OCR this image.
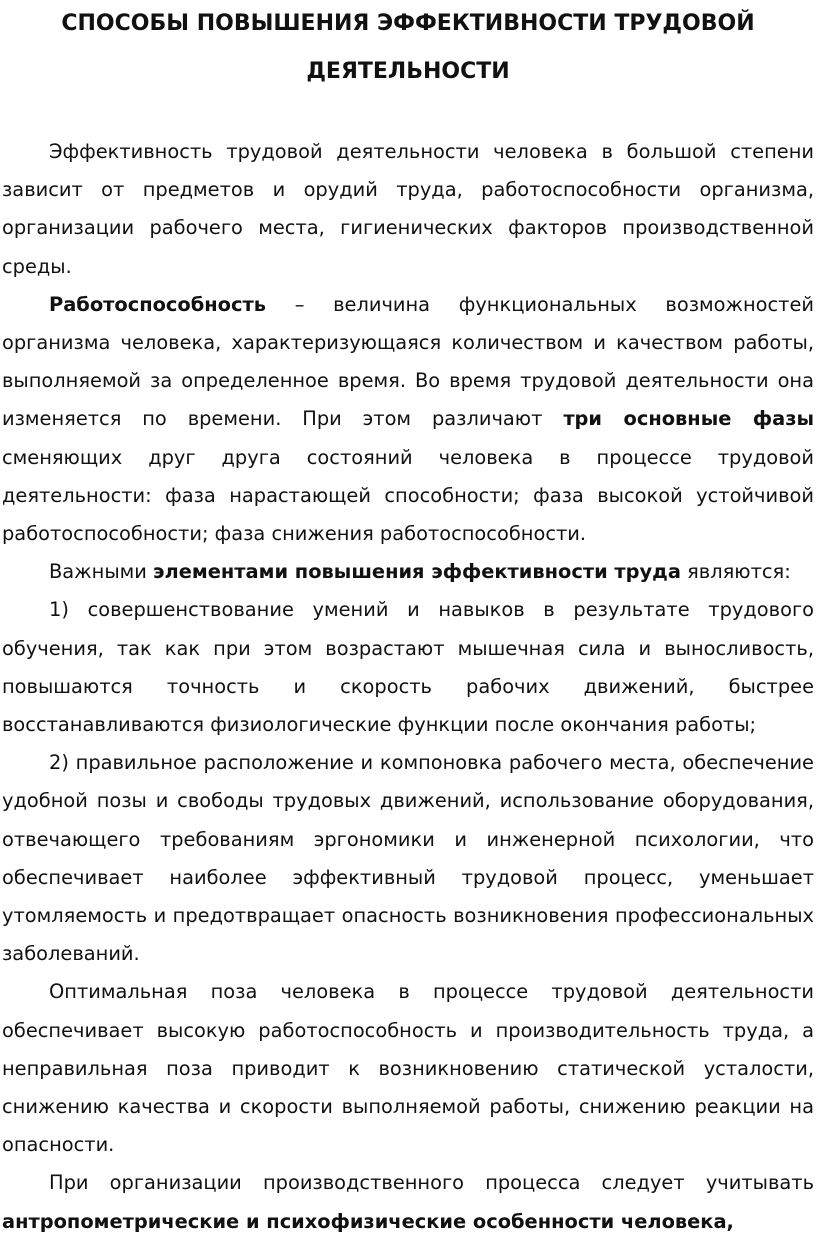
СПОСОБЫ ПОВЫШЕНИЯ ЭФФЕКТИВНОСТИ ТРУДОВОЙ
ДЕЯТЕЛЬНОСТИ

Эффективность трудовой деятельности человека в большой степени зависит от предметов и орудий труда, работоспособности организма, организации рабочего места, гигиенических факторов производственной среды.

Работоспособность – величина функциональных возможностей организма человека, характеризующаяся количеством и качеством работы, выполняемой за определенное время. Во время трудовой деятельности она изменяется по времени. При этом различают три основные фазы сменяющих друг друга состояний человека в процессе трудовой деятельности: фаза нарастающей способности; фаза высокой устойчивой работоспособности; фаза снижения работоспособности.

Важными элементами повышения эффективности труда являются:

1) совершенствование умений и навыков в результате трудового обучения, так как при этом возрастают мышечная сила и выносливость, повышаются точность и скорость рабочих движений, быстрее восстанавливаются физиологические функции после окончания работы;

2) правильное расположение и компоновка рабочего места, обеспечение удобной позы и свободы трудовых движений, использование оборудования, отвечающего требованиям эргономики и инженерной психологии, что обеспечивает наиболее эффективный трудовой процесс, уменьшает утомляемость и предотвращает опасность возникновения профессиональных заболеваний.

Оптимальная поза человека в процессе трудовой деятельности обеспечивает высокую работоспособность и производительность труда, а неправильная поза приводит к возникновению статической усталости, снижению качества и скорости выполняемой работы, снижению реакции на опасности.

При организации производственного процесса следует учитывать антропометрические и психофизические особенности человека,
